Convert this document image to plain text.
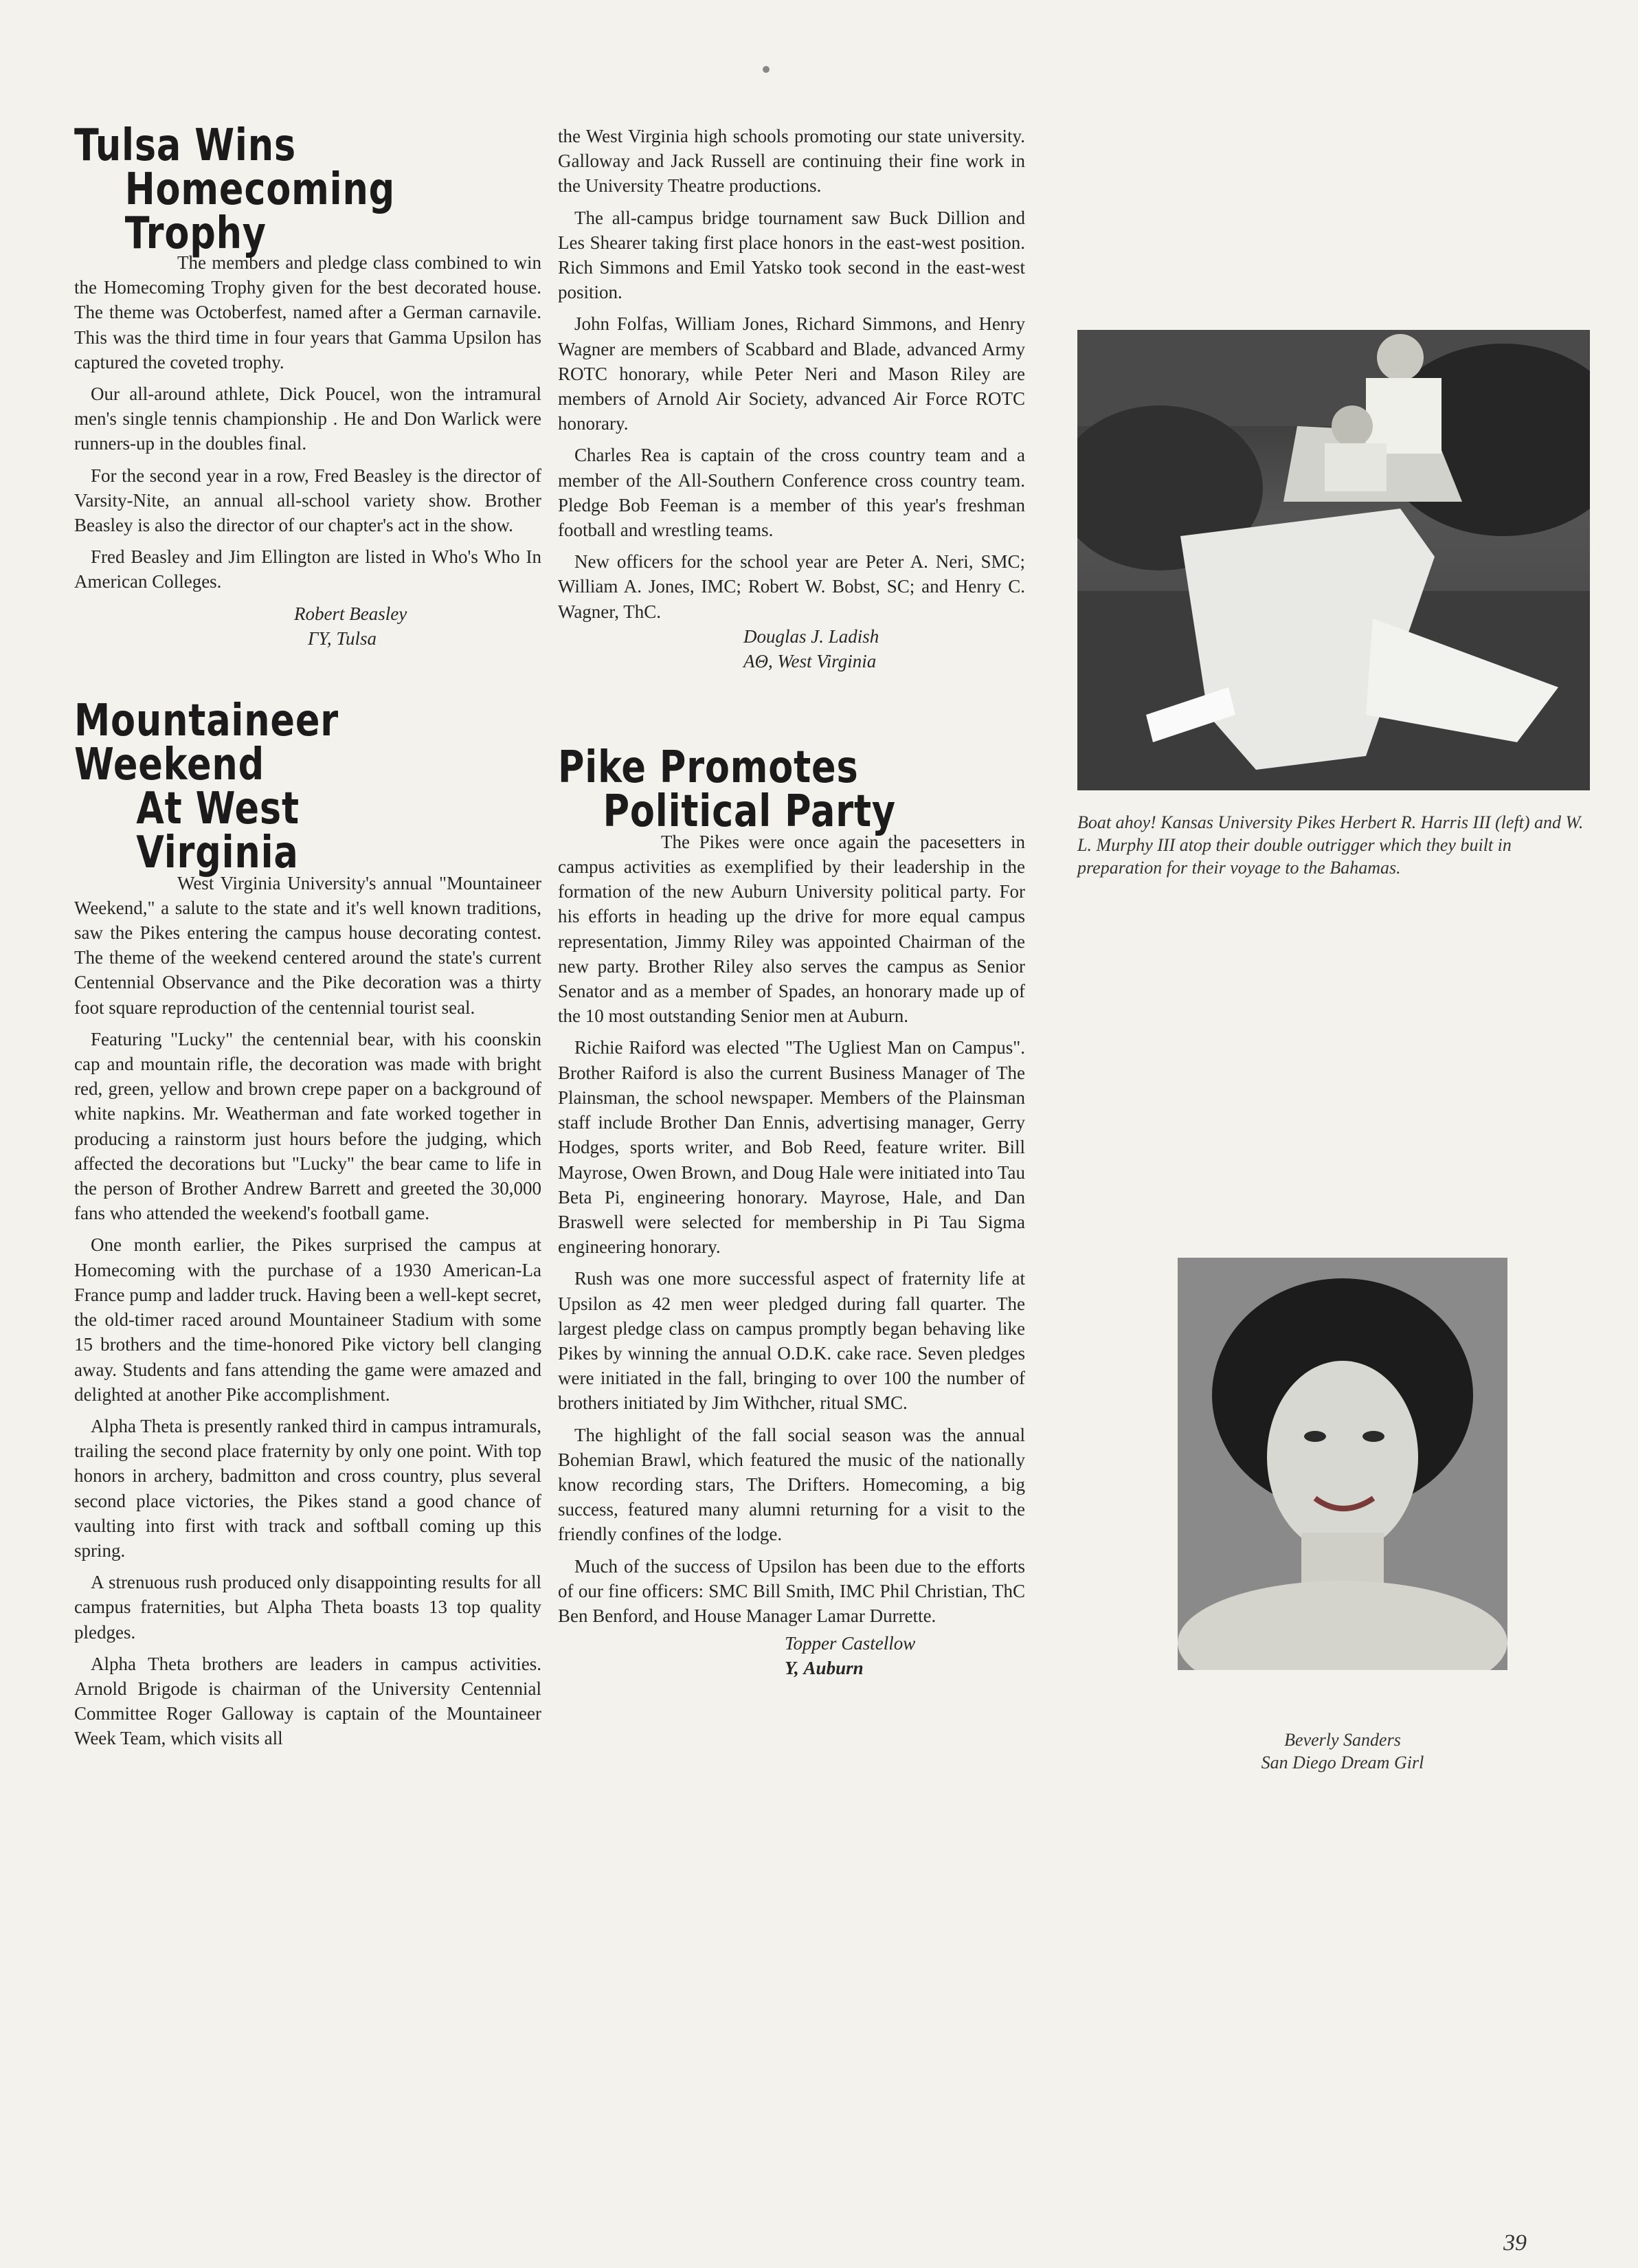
Tulsa Wins
Homecoming Trophy

The members and pledge class combined to win the Homecoming Trophy given for the best decorated house. The theme was Octoberfest, named after a German carnavile. This was the third time in four years that Gamma Upsilon has captured the coveted trophy.

Our all-around athlete, Dick Poucel, won the intramural men's single tennis championship . He and Don Warlick were runners-up in the doubles final.

For the second year in a row, Fred Beasley is the director of Varsity-Nite, an annual all-school variety show. Brother Beasley is also the director of our chapter's act in the show.

Fred Beasley and Jim Ellington are listed in Who's Who In American Colleges.

Robert Beasley
ΓΥ, Tulsa
Mountaineer Weekend
At West Virginia

West Virginia University's annual "Mountaineer Weekend," a salute to the state and it's well known traditions, saw the Pikes entering the campus house decorating contest. The theme of the weekend centered around the state's current Centennial Observance and the Pike decoration was a thirty foot square reproduction of the centennial tourist seal.

Featuring "Lucky" the centennial bear, with his coonskin cap and mountain rifle, the decoration was made with bright red, green, yellow and brown crepe paper on a background of white napkins. Mr. Weatherman and fate worked together in producing a rainstorm just hours before the judging, which affected the decorations but "Lucky" the bear came to life in the person of Brother Andrew Barrett and greeted the 30,000 fans who attended the weekend's football game.

One month earlier, the Pikes surprised the campus at Homecoming with the purchase of a 1930 American-La France pump and ladder truck. Having been a well-kept secret, the old-timer raced around Mountaineer Stadium with some 15 brothers and the time-honored Pike victory bell clanging away. Students and fans attending the game were amazed and delighted at another Pike accomplishment.

Alpha Theta is presently ranked third in campus intramurals, trailing the second place fraternity by only one point. With top honors in archery, badmitton and cross country, plus several second place victories, the Pikes stand a good chance of vaulting into first with track and softball coming up this spring.

A strenuous rush produced only disappointing results for all campus fraternities, but Alpha Theta boasts 13 top quality pledges.

Alpha Theta brothers are leaders in campus activities. Arnold Brigode is chairman of the University Centennial Committee Roger Galloway is captain of the Mountaineer Week Team, which visits all

the West Virginia high schools promoting our state university. Galloway and Jack Russell are continuing their fine work in the University Theatre productions.

The all-campus bridge tournament saw Buck Dillion and Les Shearer taking first place honors in the east-west position. Rich Simmons and Emil Yatsko took second in the east-west position.

John Folfas, William Jones, Richard Simmons, and Henry Wagner are members of Scabbard and Blade, advanced Army ROTC honorary, while Peter Neri and Mason Riley are members of Arnold Air Society, advanced Air Force ROTC honorary.

Charles Rea is captain of the cross country team and a member of the All-Southern Conference cross country team. Pledge Bob Feeman is a member of this year's freshman football and wrestling teams.

New officers for the school year are Peter A. Neri, SMC; William A. Jones, IMC; Robert W. Bobst, SC; and Henry C. Wagner, ThC.

Douglas J. Ladish
AΘ, West Virginia
Pike Promotes
Political Party

The Pikes were once again the pacesetters in campus activities as exemplified by their leadership in the formation of the new Auburn University political party. For his efforts in heading up the drive for more equal campus representation, Jimmy Riley was appointed Chairman of the new party. Brother Riley also serves the campus as Senior Senator and as a member of Spades, an honorary made up of the 10 most outstanding Senior men at Auburn.

Richie Raiford was elected "The Ugliest Man on Campus". Brother Raiford is also the current Business Manager of The Plainsman, the school newspaper. Members of the Plainsman staff include Brother Dan Ennis, advertising manager, Gerry Hodges, sports writer, and Bob Reed, feature writer. Bill Mayrose, Owen Brown, and Doug Hale were initiated into Tau Beta Pi, engineering honorary. Mayrose, Hale, and Dan Braswell were selected for membership in Pi Tau Sigma engineering honorary.

Rush was one more successful aspect of fraternity life at Upsilon as 42 men weer pledged during fall quarter. The largest pledge class on campus promptly began behaving like Pikes by winning the annual O.D.K. cake race. Seven pledges were initiated in the fall, bringing to over 100 the number of brothers initiated by Jim Withcher, ritual SMC.

The highlight of the fall social season was the annual Bohemian Brawl, which featured the music of the nationally know recording stars, The Drifters. Homecoming, a big success, featured many alumni returning for a visit to the friendly confines of the lodge.

Much of the success of Upsilon has been due to the efforts of our fine officers: SMC Bill Smith, IMC Phil Christian, ThC Ben Benford, and House Manager Lamar Durrette.

Topper Castellow
Υ, Auburn
Boat ahoy! Kansas University Pikes Herbert R. Harris III (left) and W. L. Murphy III atop their double outrigger which they built in preparation for their voyage to the Bahamas.
Beverly Sanders
San Diego Dream Girl
39
